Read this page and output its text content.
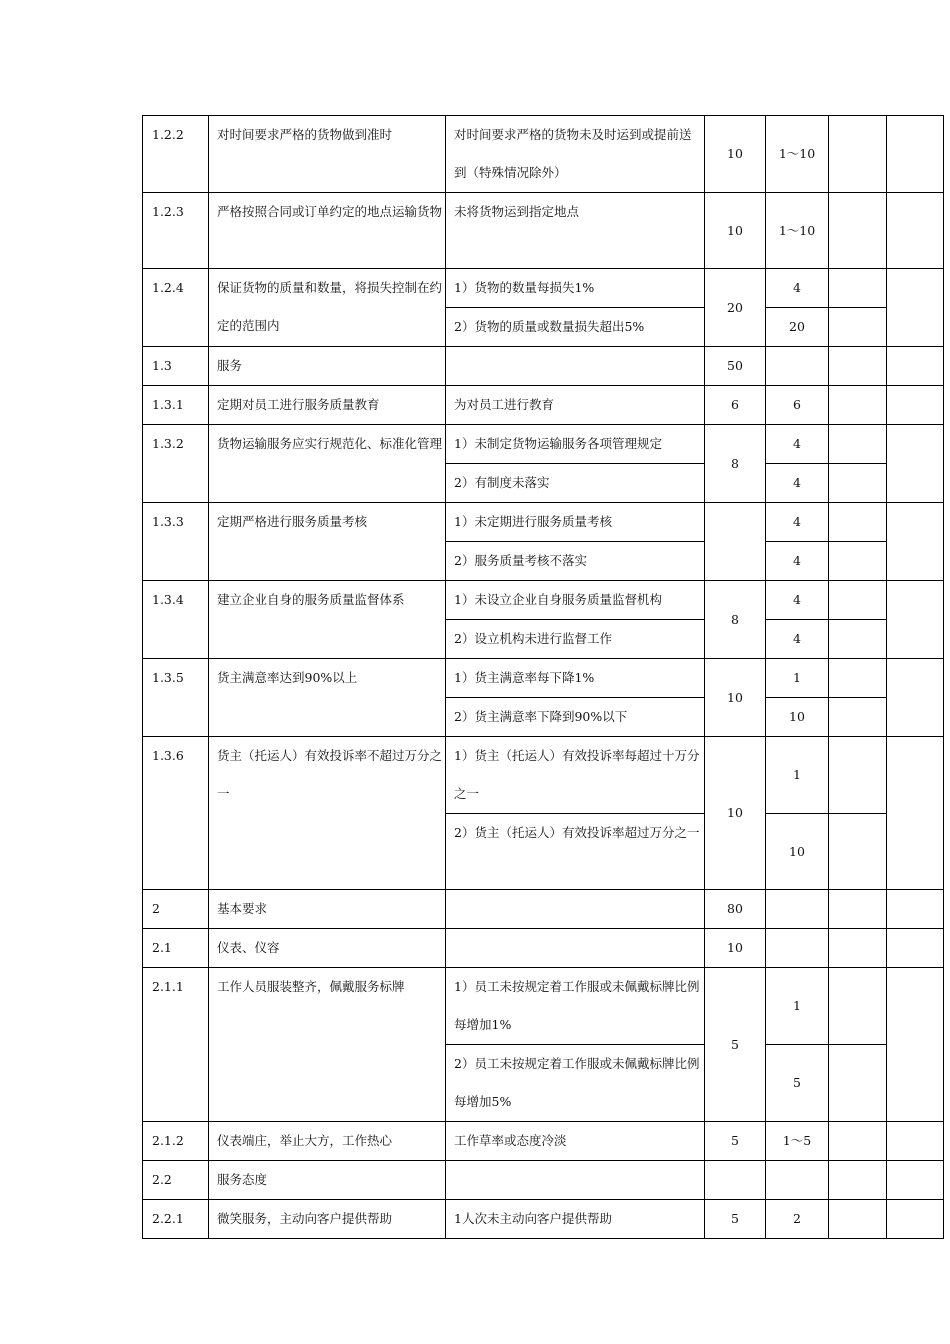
1.2.2	对时间要求严格的货物做到准时	对时间要求严格的货物未及时运到或提前送到（特殊情况除外）	10	1～10		

1.2.3	严格按照合同或订单约定的地点运输货物	未将货物运到指定地点	10	1～10		

1.2.4	保证货物的质量和数量，将损失控制在约定的范围内	1）货物的数量每损失1%	20	4		
		2）货物的质量或数量损失超出5%		20		
1.3	服务		50			
1.3.1	定期对员工进行服务质量教育	为对员工进行教育	6	6		
1.3.2	货物运输服务应实行规范化、标准化管理	1）未制定货物运输服务各项管理规定	8	4		
		2）有制度未落实		4		
1.3.3	定期严格进行服务质量考核	1）未定期进行服务质量考核		4		
		2）服务质量考核不落实		4		
1.3.4	建立企业自身的服务质量监督体系	1）未设立企业自身服务质量监督机构	8	4		
		2）设立机构未进行监督工作		4		
1.3.5	货主满意率达到90%以上	1）货主满意率每下降1%	10	1		
		2）货主满意率下降到90%以下		10		
1.3.6	货主（托运人）有效投诉率不超过万分之一	1）货主（托运人）有效投诉率每超过十万分之一	10	1		

		2）货主（托运人）有效投诉率超过万分之一		10		

2	基本要求		80			
2.1	仪表、仪容		10			
2.1.1	工作人员服装整齐，佩戴服务标牌	1）员工未按规定着工作服或未佩戴标牌比例每增加1%	5	1		

		2）员工未按规定着工作服或未佩戴标牌比例每增加5%		5		

2.1.2	仪表端庄，举止大方，工作热心	工作草率或态度冷淡	5	1～5		
2.2	服务态度					
2.2.1	微笑服务，主动向客户提供帮助	1人次未主动向客户提供帮助	5	2		
